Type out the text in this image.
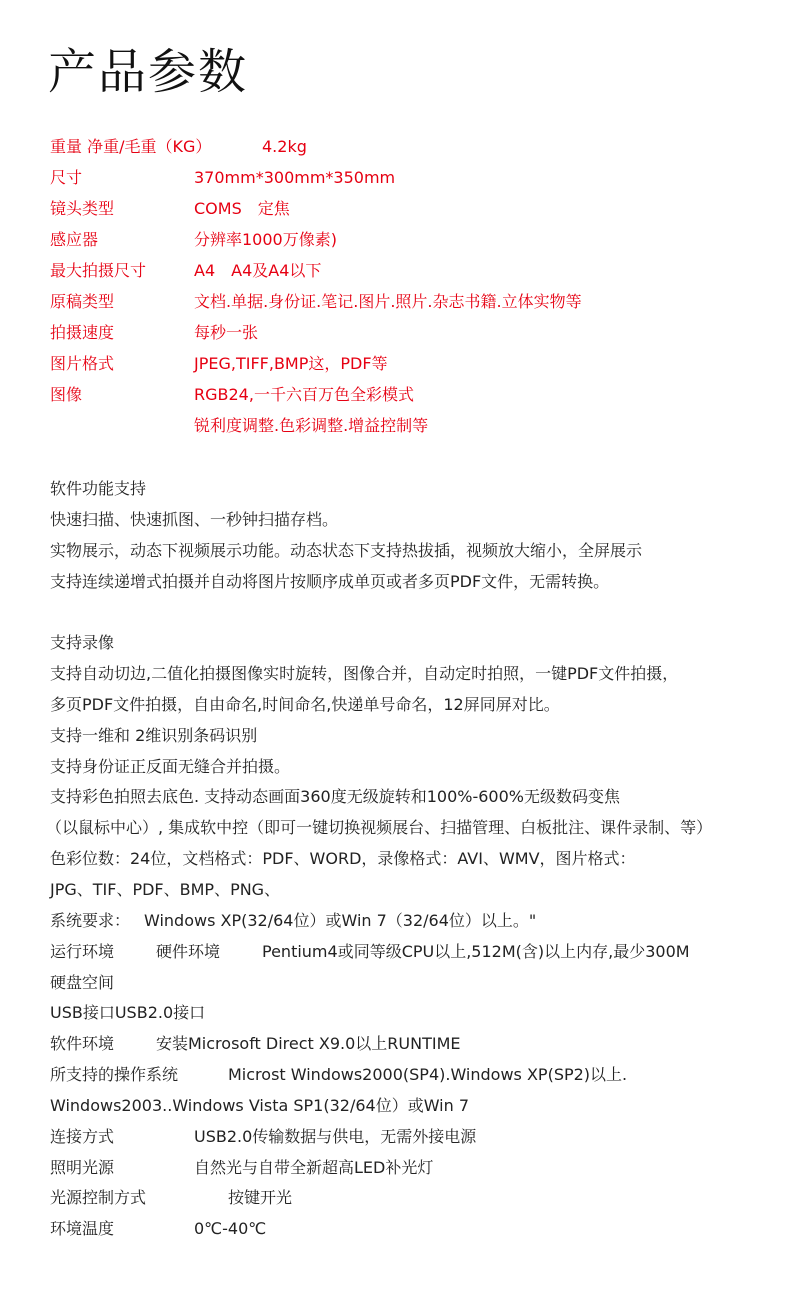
产品参数
重量 净重/毛重（KG）	4.2kg
尺寸	370mm*300mm*350mm
镜头类型	COMS　定焦
感应器	分辨率1000万像素)
最大拍摄尺寸	A4　A4及A4以下
原稿类型	文档.单据.身份证.笔记.图片.照片.杂志书籍.立体实物等
拍摄速度	每秒一张
图片格式	JPEG,TIFF,BMP这，PDF等
图像	RGB24,一千六百万色全彩模式
锐利度调整.色彩调整.增益控制等
软件功能支持
快速扫描、快速抓图、一秒钟扫描存档。
实物展示，动态下视频展示功能。动态状态下支持热拔插，视频放大缩小，全屏展示
支持连续递增式拍摄并自动将图片按顺序成单页或者多页PDF文件，无需转换。
支持录像
支持自动切边,二值化拍摄图像实时旋转，图像合并，自动定时拍照，一键PDF文件拍摄，
多页PDF文件拍摄，自由命名,时间命名,快递单号命名，12屏同屏对比。
支持一维和 2维识别条码识别
支持身份证正反面无缝合并拍摄。
支持彩色拍照去底色. 支持动态画面360度无级旋转和100%-600%无级数码变焦
（以鼠标中心）, 集成软中控（即可一键切换视频展台、扫描管理、白板批注、课件录制、等）
色彩位数：24位，文档格式：PDF、WORD，录像格式：AVI、WMV，图片格式：
JPG、TIF、PDF、BMP、PNG、
系统要求： Windows XP(32/64位）或Win 7（32/64位）以上。"
运行环境	硬件环境	Pentium4或同等级CPU以上,512M(含)以上内存,最少300M
硬盘空间
USB接口USB2.0接口
软件环境	安装Microsoft Direct X9.0以上RUNTIME
所支持的操作系统	Microst Windows2000(SP4).Windows XP(SP2)以上.
Windows2003..Windows Vista SP1(32/64位）或Win 7
连接方式	USB2.0传输数据与供电，无需外接电源
照明光源	自然光与自带全新超高LED补光灯
光源控制方式	按键开光
环境温度	0℃-40℃
